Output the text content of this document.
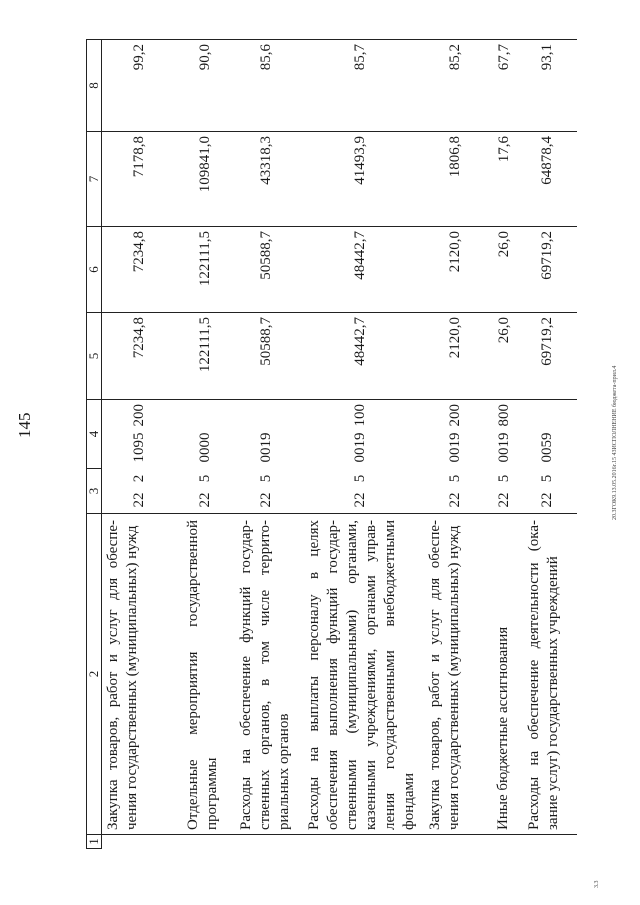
145
1	2	3		4		5	6	7	8
	Закупка товаров, работ и услуг для обеспе-чения государственных (муниципальных) нужд	22	2	1095	200	7234,8	7234,8	7178,8	99,2

	Отдельные мероприятия государственной программы	22	5	0000		122111,5	122111,5	109841,0	90,0

	Расходы на обеспечение функций государ-ственных органов, в том числе террито-риальных органов	22	5	0019		50588,7	50588,7	43318,3	85,6

	Расходы на выплаты персоналу в целях обеспечения выполнения функций государ-ственными (муниципальными) органами, казенными учреждениями, органами управ-ления государственными внебюджетными фондами	22	5	0019	100	48442,7	48442,7	41493,9	85,7

	Закупка товаров, работ и услуг для обеспе-чения государственных (муниципальных) нужд	22	5	0019	200	2120,0	2120,0	1806,8	85,2

	Иные бюджетные ассигнования	22	5	0019	800	26,0	26,0	17,6	67,7

	Расходы на обеспечение деятельности (ока-зание услуг) государственных учреждений	22	5	0059		69719,2	69719,2	64878,4	93,1
20.3ГОК9.13.05.2016г.15 43ИСПОЛНЕНИЕ бюджета-прил.4
3.3
